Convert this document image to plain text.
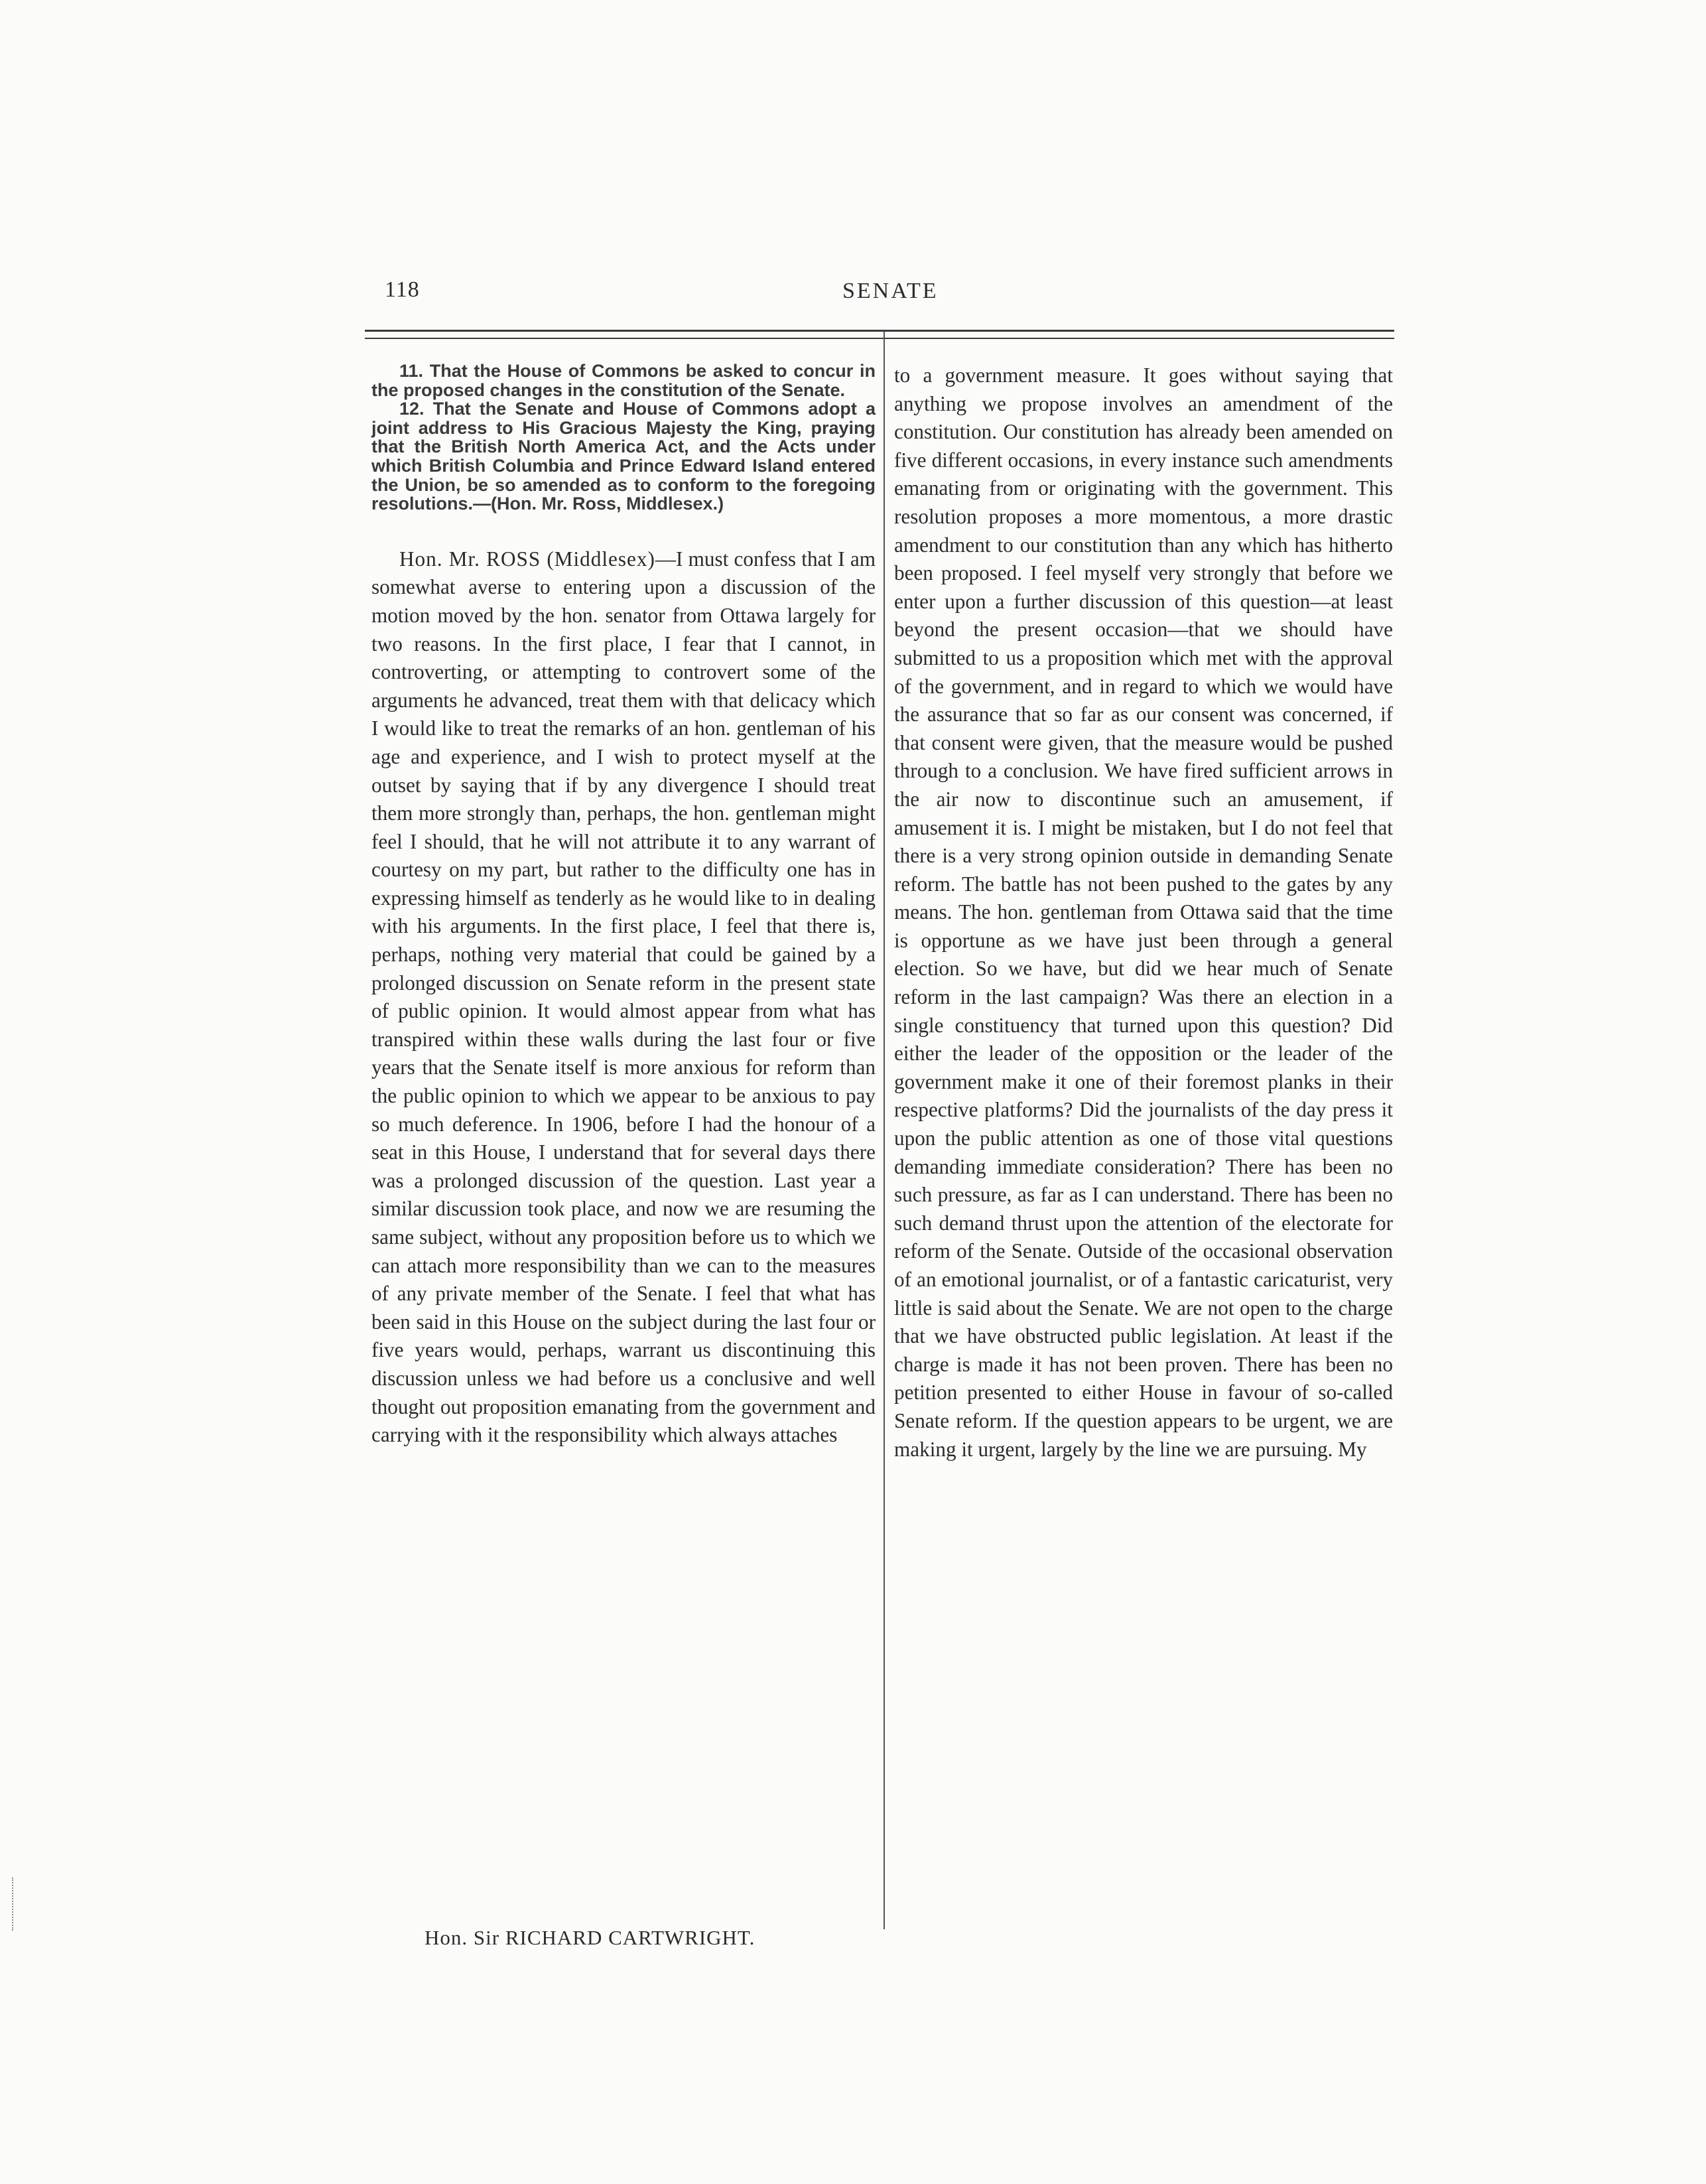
118	SENATE

11. That the House of Commons be asked to concur in the proposed changes in the constitution of the Senate.

12. That the Senate and House of Commons adopt a joint address to His Gracious Majesty the King, praying that the British North America Act, and the Acts under which British Columbia and Prince Edward Island entered the Union, be so amended as to conform to the foregoing resolutions.—(Hon. Mr. Ross, Middlesex.)

Hon. Mr. ROSS (Middlesex)—I must confess that I am somewhat averse to entering upon a discussion of the motion moved by the hon. senator from Ottawa largely for two reasons. In the first place, I fear that I cannot, in controverting, or attempting to controvert some of the arguments he advanced, treat them with that delicacy which I would like to treat the remarks of an hon. gentleman of his age and experience, and I wish to protect myself at the outset by saying that if by any divergence I should treat them more strongly than, perhaps, the hon. gentleman might feel I should, that he will not attribute it to any warrant of courtesy on my part, but rather to the difficulty one has in expressing himself as tenderly as he would like to in dealing with his arguments. In the first place, I feel that there is, perhaps, nothing very material that could be gained by a prolonged discussion on Senate reform in the present state of public opinion. It would almost appear from what has transpired within these walls during the last four or five years that the Senate itself is more anxious for reform than the public opinion to which we appear to be anxious to pay so much deference. In 1906, before I had the honour of a seat in this House, I understand that for several days there was a prolonged discussion of the question. Last year a similar discussion took place, and now we are resuming the same subject, without any proposition before us to which we can attach more responsibility than we can to the measures of any private member of the Senate. I feel that what has been said in this House on the subject during the last four or five years would, perhaps, warrant us discontinuing this discussion unless we had before us a conclusive and well thought out proposition emanating from the government and carrying with it the responsibility which always attaches

to a government measure. It goes without saying that anything we propose involves an amendment of the constitution. Our constitution has already been amended on five different occasions, in every instance such amendments emanating from or originating with the government. This resolution proposes a more momentous, a more drastic amendment to our constitution than any which has hitherto been proposed. I feel myself very strongly that before we enter upon a further discussion of this question—at least beyond the present occasion—that we should have submitted to us a proposition which met with the approval of the government, and in regard to which we would have the assurance that so far as our consent was concerned, if that consent were given, that the measure would be pushed through to a conclusion. We have fired sufficient arrows in the air now to discontinue such an amusement, if amusement it is. I might be mistaken, but I do not feel that there is a very strong opinion outside in demanding Senate reform. The battle has not been pushed to the gates by any means. The hon. gentleman from Ottawa said that the time is opportune as we have just been through a general election. So we have, but did we hear much of Senate reform in the last campaign? Was there an election in a single constituency that turned upon this question? Did either the leader of the opposition or the leader of the government make it one of their foremost planks in their respective platforms? Did the journalists of the day press it upon the public attention as one of those vital questions demanding immediate consideration? There has been no such pressure, as far as I can understand. There has been no such demand thrust upon the attention of the electorate for reform of the Senate. Outside of the occasional observation of an emotional journalist, or of a fantastic caricaturist, very little is said about the Senate. We are not open to the charge that we have obstructed public legislation. At least if the charge is made it has not been proven. There has been no petition presented to either House in favour of so-called Senate reform. If the question appears to be urgent, we are making it urgent, largely by the line we are pursuing. My

Hon. Sir RICHARD CARTWRIGHT.
